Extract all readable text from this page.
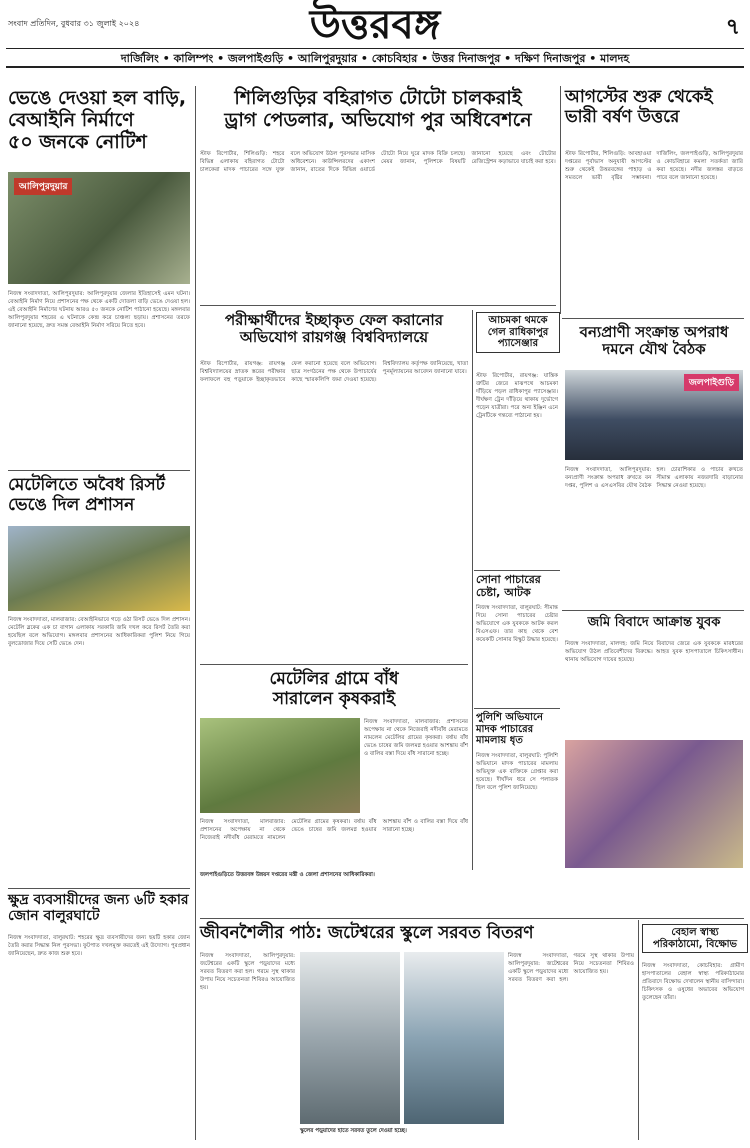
সংবাদ প্রতিদিন, বুধবার ৩১ জুলাই ২০২৪	উত্তরবঙ্গ	৭
দার্জিলিং • কালিম্পং • জলপাইগুড়ি • আলিপুরদুয়ার • কোচবিহার • উত্তর দিনাজপুর • দক্ষিণ দিনাজপুর • মালদহ
ভেঙে দেওয়া হল বাড়ি,
বেআইনি নির্মাণে
৫০ জনকে নোটিশ
আলিপুরদুয়ার
নিজস্ব সংবাদদাতা, আলিপুরদুয়ার: আলিপুরদুয়ার জেলার ইতিহাসেই এমন ঘটনা। বেআইনি নির্মাণ নিয়ে প্রশাসনের পক্ষ থেকে একটি দোতলা বাড়ি ভেঙে দেওয়া হল। এই বেআইনি নির্মাণের ঘটনায় আরও ৫০ জনকে নোটিশ পাঠানো হয়েছে। মঙ্গলবার আলিপুরদুয়ার শহরের এ ঘটনাকে কেন্দ্র করে চাঞ্চল্য ছড়ায়। প্রশাসনের তরফে জানানো হয়েছে, দ্রুত সমস্ত বেআইনি নির্মাণ সরিয়ে নিতে হবে।
মেটেলিতে অবৈধ রিসর্ট
ভেঙে দিল প্রশাসন
নিজস্ব সংবাদদাতা, মালবাজার: বেআইনিভাবে গড়ে ওঠা রিসর্ট ভেঙে দিল প্রশাসন। মেটেলি ব্লকের এক চা বাগান এলাকায় সরকারি জমি দখল করে রিসর্ট তৈরি করা হয়েছিল বলে অভিযোগ। মঙ্গলবার প্রশাসনের আধিকারিকরা পুলিশ নিয়ে গিয়ে বুলডোজার দিয়ে সেটি ভেঙে দেন।
ক্ষুদ্র ব্যবসায়ীদের জন্য ৬টি হকার জোন বালুরঘাটে
নিজস্ব সংবাদদাতা, বালুরঘাট: শহরের ক্ষুদ্র ব্যবসায়ীদের জন্য ছয়টি হকার জোন তৈরি করার সিদ্ধান্ত নিল পুরসভা। ফুটপাত দখলমুক্ত করতেই এই উদ্যোগ। পুরপ্রধান জানিয়েছেন, দ্রুত কাজ শুরু হবে।
শিলিগুড়ির বহিরাগত টোটো চালকরাই
ড্রাগ পেডলার, অভিযোগ পুর অধিবেশনে
স্টাফ রিপোর্টার, শিলিগুড়ি: শহরে বিভিন্ন এলাকায় বহিরাগত টোটো চালকেরা মাদক পাচারের সঙ্গে যুক্ত বলে অভিযোগ উঠল পুরসভার মাসিক অধিবেশনে। কাউন্সিলরদের একাংশ জানান, রাতের দিকে বিভিন্ন ওয়ার্ডে টোটো নিয়ে ঘুরে মাদক বিক্রি চলছে। মেয়র জানান, পুলিশকে বিষয়টি জানানো হয়েছে এবং টোটোর রেজিস্ট্রেশন কড়াভাবে যাচাই করা হবে।
আগস্টের শুরু থেকেই
ভারী বর্ষণ উত্তরে
স্টাফ রিপোর্টার, শিলিগুড়ি: আবহাওয়া দপ্তরের পূর্বাভাস অনুযায়ী আগস্টের শুরু থেকেই উত্তরবঙ্গের পাহাড় ও সমতলে ভারী বৃষ্টির সম্ভাবনা। দার্জিলিং, জলপাইগুড়ি, আলিপুরদুয়ার ও কোচবিহারে কমলা সতর্কতা জারি করা হয়েছে। নদীর জলস্তর বাড়তে পারে বলে জানানো হয়েছে।
পরীক্ষার্থীদের ইচ্ছাকৃত ফেল করানোর
অভিযোগ রায়গঞ্জ বিশ্ববিদ্যালয়ে
স্টাফ রিপোর্টার, রায়গঞ্জ: রায়গঞ্জ বিশ্ববিদ্যালয়ের স্নাতক স্তরের পরীক্ষার ফলাফলে বহু পড়ুয়াকে ইচ্ছাকৃতভাবে ফেল করানো হয়েছে বলে অভিযোগ। ছাত্র সংগঠনের পক্ষ থেকে উপাচার্যের কাছে স্মারকলিপি জমা দেওয়া হয়েছে। বিশ্ববিদ্যালয় কর্তৃপক্ষ জানিয়েছে, খাতা পুনর্মূল্যায়নের আবেদন জানানো যাবে।
আচমকা থমকে
গেল রাধিকাপুর প্যাসেঞ্জার
স্টাফ রিপোর্টার, রায়গঞ্জ: যান্ত্রিক ত্রুটির জেরে মাঝপথে আচমকা দাঁড়িয়ে পড়ল রাধিকাপুর প্যাসেঞ্জার। দীর্ঘক্ষণ ট্রেন দাঁড়িয়ে থাকায় দুর্ভোগে পড়েন যাত্রীরা। পরে অন্য ইঞ্জিন এনে ট্রেনটিকে গন্তব্যে পাঠানো হয়।
বন্যপ্রাণী সংক্রান্ত অপরাধ
দমনে যৌথ বৈঠক
জলপাইগুড়ি
নিজস্ব সংবাদদাতা, আলিপুরদুয়ার: বন্যপ্রাণী সংক্রান্ত অপরাধ রুখতে বন দপ্তর, পুলিশ ও এসএসবির যৌথ বৈঠক হল। চোরাশিকার ও পাচার রুখতে সীমান্ত এলাকায় নজরদারি বাড়ানোর সিদ্ধান্ত নেওয়া হয়েছে।
মেটেলির গ্রামে বাঁধ
সারালেন কৃষকরাই
নিজস্ব সংবাদদাতা, মালবাজার: প্রশাসনের অপেক্ষায় না থেকে নিজেরাই নদীবাঁধ মেরামতে নামলেন মেটেলির গ্রামের কৃষকরা। বর্ষায় বাঁধ ভেঙে চাষের জমি জলমগ্ন হওয়ার আশঙ্কায় বাঁশ ও বালির বস্তা দিয়ে বাঁধ সারানো হচ্ছে।
সোনা পাচারের
চেষ্টা, আটক
নিজস্ব সংবাদদাতা, বালুরঘাট: সীমান্ত দিয়ে সোনা পাচারের চেষ্টার অভিযোগে এক যুবককে আটক করল বিএসএফ। তার কাছ থেকে বেশ কয়েকটি সোনার বিস্কুট উদ্ধার হয়েছে।
পুলিশি অভিযানে
মাদক পাচারের
মামলায় ধৃত
নিজস্ব সংবাদদাতা, বালুরঘাট: পুলিশি অভিযানে মাদক পাচারের মামলায় অভিযুক্ত এক ব্যক্তিকে গ্রেপ্তার করা হয়েছে। দীর্ঘদিন ধরে সে পলাতক ছিল বলে পুলিশ জানিয়েছে।
জমি বিবাদে আক্রান্ত যুবক
নিজস্ব সংবাদদাতা, মালদহ: জমি নিয়ে বিবাদের জেরে এক যুবককে মারধরের অভিযোগ উঠল প্রতিবেশীদের বিরুদ্ধে। আহত যুবক হাসপাতালে চিকিৎসাধীন। থানায় অভিযোগ দায়ের হয়েছে।
নিজস্ব সংবাদদাতা, মালবাজার: প্রশাসনের অপেক্ষায় না থেকে নিজেরাই নদীবাঁধ মেরামতে নামলেন মেটেলির গ্রামের কৃষকরা। বর্ষায় বাঁধ ভেঙে চাষের জমি জলমগ্ন হওয়ার আশঙ্কায় বাঁশ ও বালির বস্তা দিয়ে বাঁধ সারানো হচ্ছে।
জলপাইগুড়িতে উত্তরবঙ্গ উন্নয়ন দপ্তরের মন্ত্রী ও জেলা প্রশাসনের আধিকারিকরা।
জীবনশৈলীর পাঠ: জটেশ্বরের স্কুলে সরবত বিতরণ
নিজস্ব সংবাদদাতা, আলিপুরদুয়ার: জটেশ্বরের একটি স্কুলে পড়ুয়াদের মধ্যে সরবত বিতরণ করা হল। গরমে সুস্থ থাকার উপায় নিয়ে সচেতনতা শিবিরও আয়োজিত হয়।
স্কুলের পড়ুয়াদের হাতে সরবত তুলে দেওয়া হচ্ছে।
নিজস্ব সংবাদদাতা, আলিপুরদুয়ার: জটেশ্বরের একটি স্কুলে পড়ুয়াদের মধ্যে সরবত বিতরণ করা হল। গরমে সুস্থ থাকার উপায় নিয়ে সচেতনতা শিবিরও আয়োজিত হয়।
বেহাল স্বাস্থ্য
পরিকাঠামো, বিক্ষোভ
নিজস্ব সংবাদদাতা, কোচবিহার: গ্রামীণ হাসপাতালের বেহাল স্বাস্থ্য পরিকাঠামোর প্রতিবাদে বিক্ষোভ দেখালেন স্থানীয় বাসিন্দারা। চিকিৎসক ও ওষুধের অভাবের অভিযোগ তুলেছেন তাঁরা।
